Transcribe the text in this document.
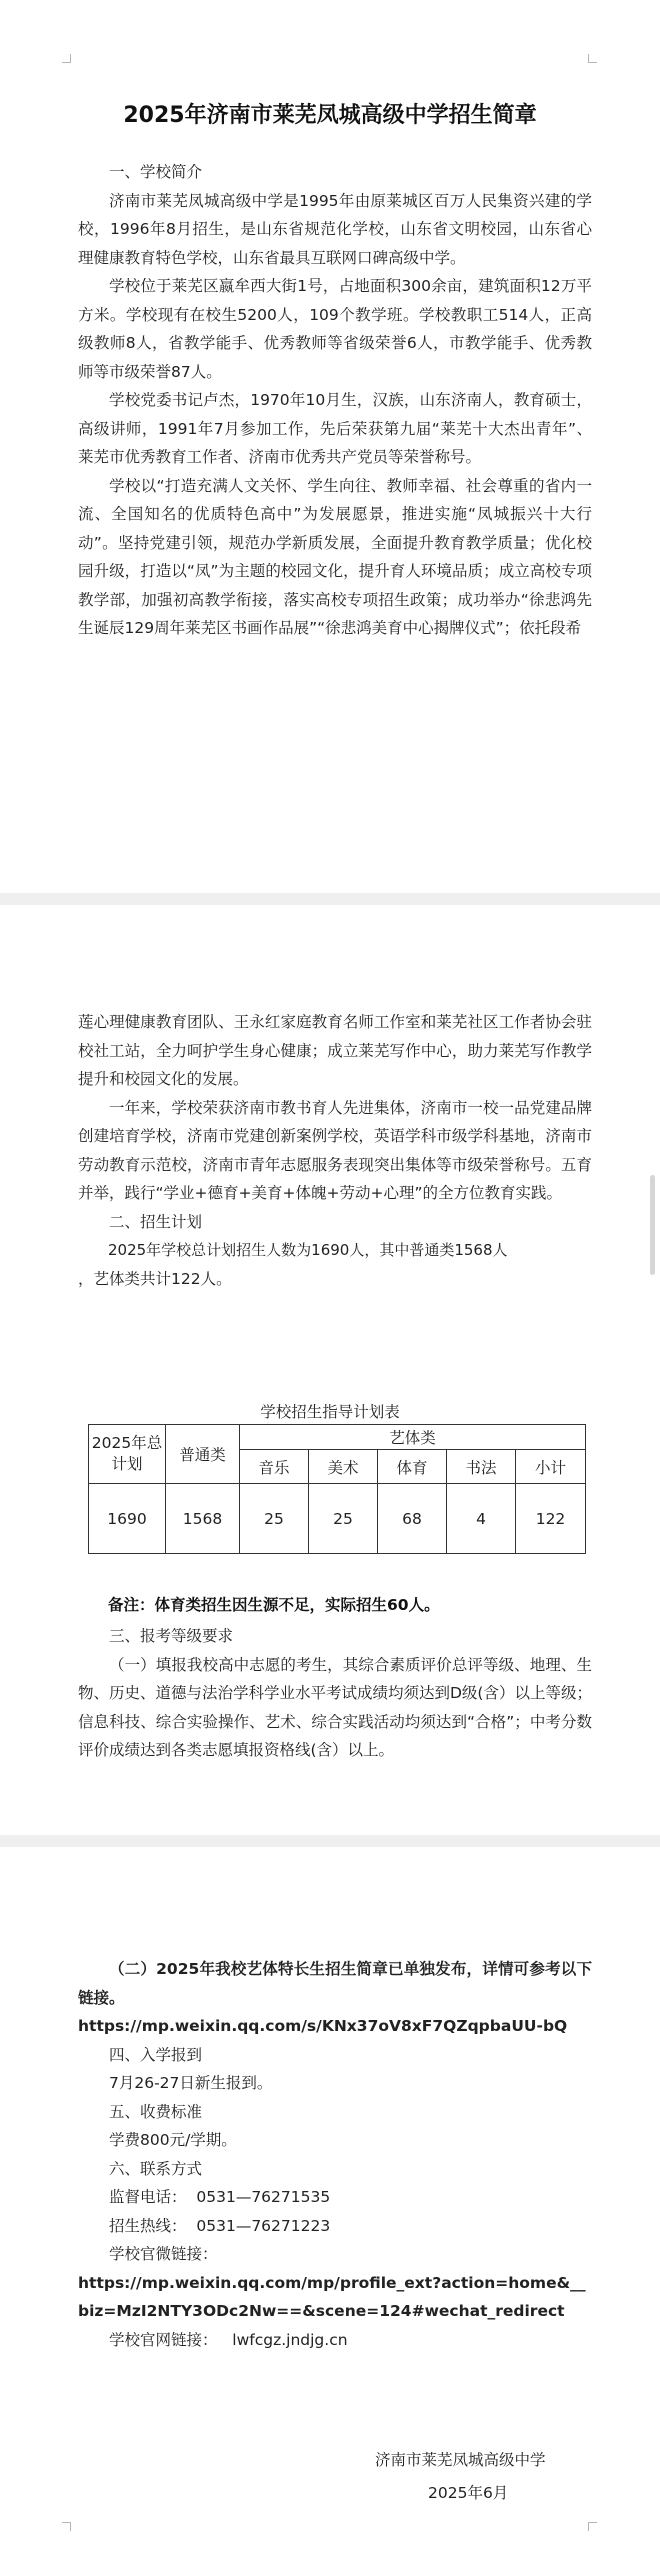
2025年济南市莱芜凤城高级中学招生简章

一、学校简介

济南市莱芜凤城高级中学是1995年由原莱城区百万人民集资兴建的学校，1996年8月招生，是山东省规范化学校，山东省文明校园，山东省心理健康教育特色学校，山东省最具互联网口碑高级中学。

学校位于莱芜区嬴牟西大街1号，占地面积300余亩，建筑面积12万平方米。学校现有在校生5200人，109个教学班。学校教职工514人，正高级教师8人，省教学能手、优秀教师等省级荣誉6人，市教学能手、优秀教师等市级荣誉87人。

学校党委书记卢杰，1970年10月生，汉族，山东济南人，教育硕士，高级讲师，1991年7月参加工作，先后荣获第九届“莱芜十大杰出青年”、莱芜市优秀教育工作者、济南市优秀共产党员等荣誉称号。

学校以“打造充满人文关怀、学生向往、教师幸福、社会尊重的省内一流、全国知名的优质特色高中”为发展愿景，推进实施“凤城振兴十大行动”。坚持党建引领，规范办学新质发展，全面提升教育教学质量；优化校园升级，打造以“凤”为主题的校园文化，提升育人环境品质；成立高校专项教学部，加强初高教学衔接，落实高校专项招生政策；成功举办“徐悲鸿先生诞辰129周年莱芜区书画作品展”“徐悲鸿美育中心揭牌仪式”；依托段希

莲心理健康教育团队、王永红家庭教育名师工作室和莱芜社区工作者协会驻校社工站，全力呵护学生身心健康；成立莱芜写作中心，助力莱芜写作教学提升和校园文化的发展。

一年来，学校荣获济南市教书育人先进集体，济南市一校一品党建品牌创建培育学校，济南市党建创新案例学校，英语学科市级学科基地，济南市劳动教育示范校，济南市青年志愿服务表现突出集体等市级荣誉称号。五育并举，践行“学业+德育+美育+体魄+劳动+心理”的全方位教育实践。

二、招生计划

2025年学校总计划招生人数为1690人，其中普通类1568人

，艺体类共计122人。

学校招生指导计划表
2025年总计划	普通类	艺体类				
		音乐	美术	体育	书法	小计
1690	1568	25	25	68	4	122
备注：体育类招生因生源不足，实际招生60人。

三、报考等级要求

（一）填报我校高中志愿的考生，其综合素质评价总评等级、地理、生物、历史、道德与法治学科学业水平考试成绩均须达到D级(含）以上等级；信息科技、综合实验操作、艺术、综合实践活动均须达到“合格”；中考分数评价成绩达到各类志愿填报资格线(含）以上。

（二）2025年我校艺体特长生招生简章已单独发布，详情可参考以下链接。

https://mp.weixin.qq.com/s/KNx37oV8xF7QZqpbaUU-bQ

四、入学报到

7月26-27日新生报到。

五、收费标准

学费800元/学期。

六、联系方式

监督电话： 0531—76271535

招生热线： 0531—76271223

学校官微链接：

https://mp.weixin.qq.com/mp/profile_ext?action=home&__biz=MzI2NTY3ODc2Nw==&scene=124#wechat_redirect

学校官网链接： lwfcgz.jndjg.cn

济南市莱芜凤城高级中学
2025年6月
